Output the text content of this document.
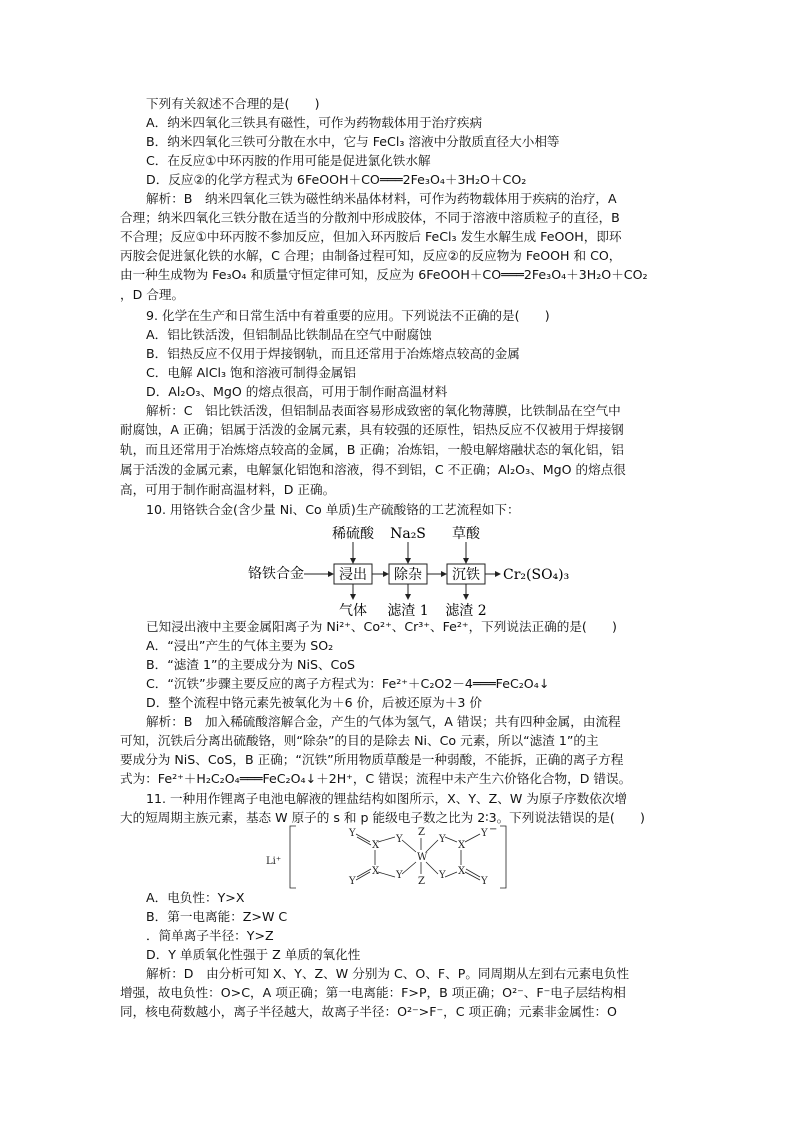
下列有关叙述不合理的是(　　)
A．纳米四氧化三铁具有磁性，可作为药物载体用于治疗疾病
B．纳米四氧化三铁可分散在水中，它与 FeCl₃ 溶液中分散质直径大小相等
C．在反应①中环丙胺的作用可能是促进氯化铁水解
D．反应②的化学方程式为 6FeOOH＋CO═══2Fe₃O₄＋3H₂O＋CO₂
解析：B　纳米四氧化三铁为磁性纳米晶体材料，可作为药物载体用于疾病的治疗，A
合理；纳米四氧化三铁分散在适当的分散剂中形成胶体，不同于溶液中溶质粒子的直径，B
不合理；反应①中环丙胺不参加反应，但加入环丙胺后 FeCl₃ 发生水解生成 FeOOH，即环
丙胺会促进氯化铁的水解，C 合理；由制备过程可知，反应②的反应物为 FeOOH 和 CO，
由一种生成物为 Fe₃O₄ 和质量守恒定律可知，反应为 6FeOOH＋CO═══2Fe₃O₄＋3H₂O＋CO₂
，D 合理。
9. 化学在生产和日常生活中有着重要的应用。下列说法不正确的是(　　)
A．铝比铁活泼，但铝制品比铁制品在空气中耐腐蚀
B．铝热反应不仅用于焊接钢轨，而且还常用于冶炼熔点较高的金属
C．电解 AlCl₃ 饱和溶液可制得金属铝
D．Al₂O₃、MgO 的熔点很高，可用于制作耐高温材料
解析：C　铝比铁活泼，但铝制品表面容易形成致密的氧化物薄膜，比铁制品在空气中
耐腐蚀，A 正确；铝属于活泼的金属元素，具有较强的还原性，铝热反应不仅被用于焊接钢
轨，而且还常用于冶炼熔点较高的金属，B 正确；冶炼铝，一般电解熔融状态的氧化铝，铝
属于活泼的金属元素，电解氯化铝饱和溶液，得不到铝，C 不正确；Al₂O₃、MgO 的熔点很
高，可用于制作耐高温材料，D 正确。
10. 用铬铁合金(含少量 Ni、Co 单质)生产硫酸铬的工艺流程如下：
稀硫酸 Na₂S 草酸
铬铁合金	浸出 除杂 沉铁 Cr₂(SO₄)₃
气体 滤渣 1 滤渣 2
已知浸出液中主要金属阳离子为 Ni²⁺、Co²⁺、Cr³⁺、Fe²⁺，下列说法正确的是(　　)
A．“浸出”产生的气体主要为 SO₂
B．“滤渣 1”的主要成分为 NiS、CoS
C．“沉铁”步骤主要反应的离子方程式为：Fe²⁺＋C₂O2－4═══FeC₂O₄↓
D．整个流程中铬元素先被氧化为＋6 价，后被还原为＋3 价
解析：B　加入稀硫酸溶解合金，产生的气体为氢气，A 错误；共有四种金属，由流程
可知，沉铁后分离出硫酸铬，则“除杂”的目的是除去 Ni、Co 元素，所以“滤渣 1”的主
要成分为 NiS、CoS，B 正确；“沉铁”所用物质草酸是一种弱酸，不能拆，正确的离子方程
式为：Fe²⁺＋H₂C₂O₄═══FeC₂O₄↓＋2H⁺，C 错误；流程中未产生六价铬化合物，D 错误。
11. 一种用作锂离子电池电解液的锂盐结构如图所示，X、Y、Z、W 为原子序数依次增
大的短周期主族元素，基态 W 原子的 s 和 p 能级电子数之比为 2∶3。下列说法错误的是(　　)
Li⁺
Y
X
Y
Z
W
Z
Y
X
Y
X Y
Y
Y X
Y
−
A．电负性：Y>X
B．第一电离能：Z>W C
．简单离子半径：Y>Z
D．Y 单质氧化性强于 Z 单质的氧化性
解析：D　由分析可知 X、Y、Z、W 分别为 C、O、F、P。同周期从左到右元素电负性
增强，故电负性：O>C，A 项正确；第一电离能：F>P，B 项正确；O²⁻、F⁻电子层结构相
同，核电荷数越小，离子半径越大，故离子半径：O²⁻>F⁻，C 项正确；元素非金属性：O
